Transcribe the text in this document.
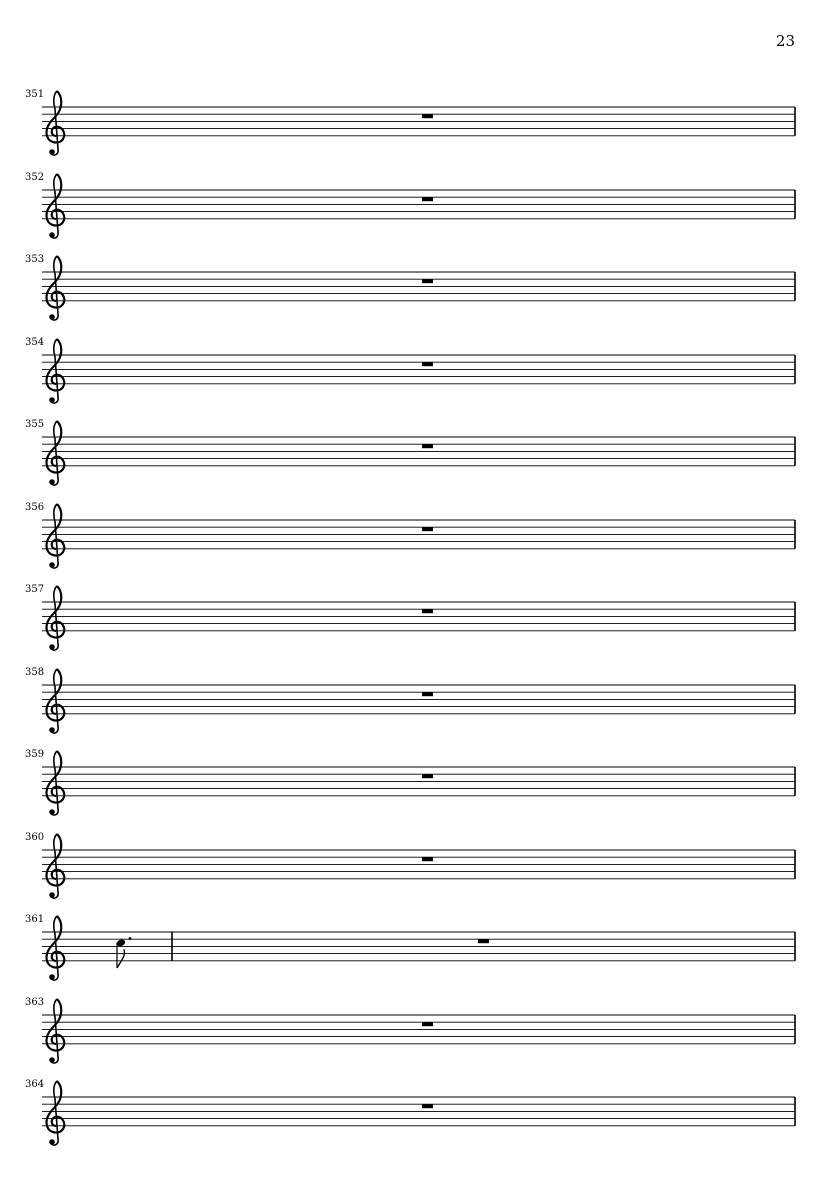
23
351
352
353
354
355
356
357
358
359
360
361
363
364
